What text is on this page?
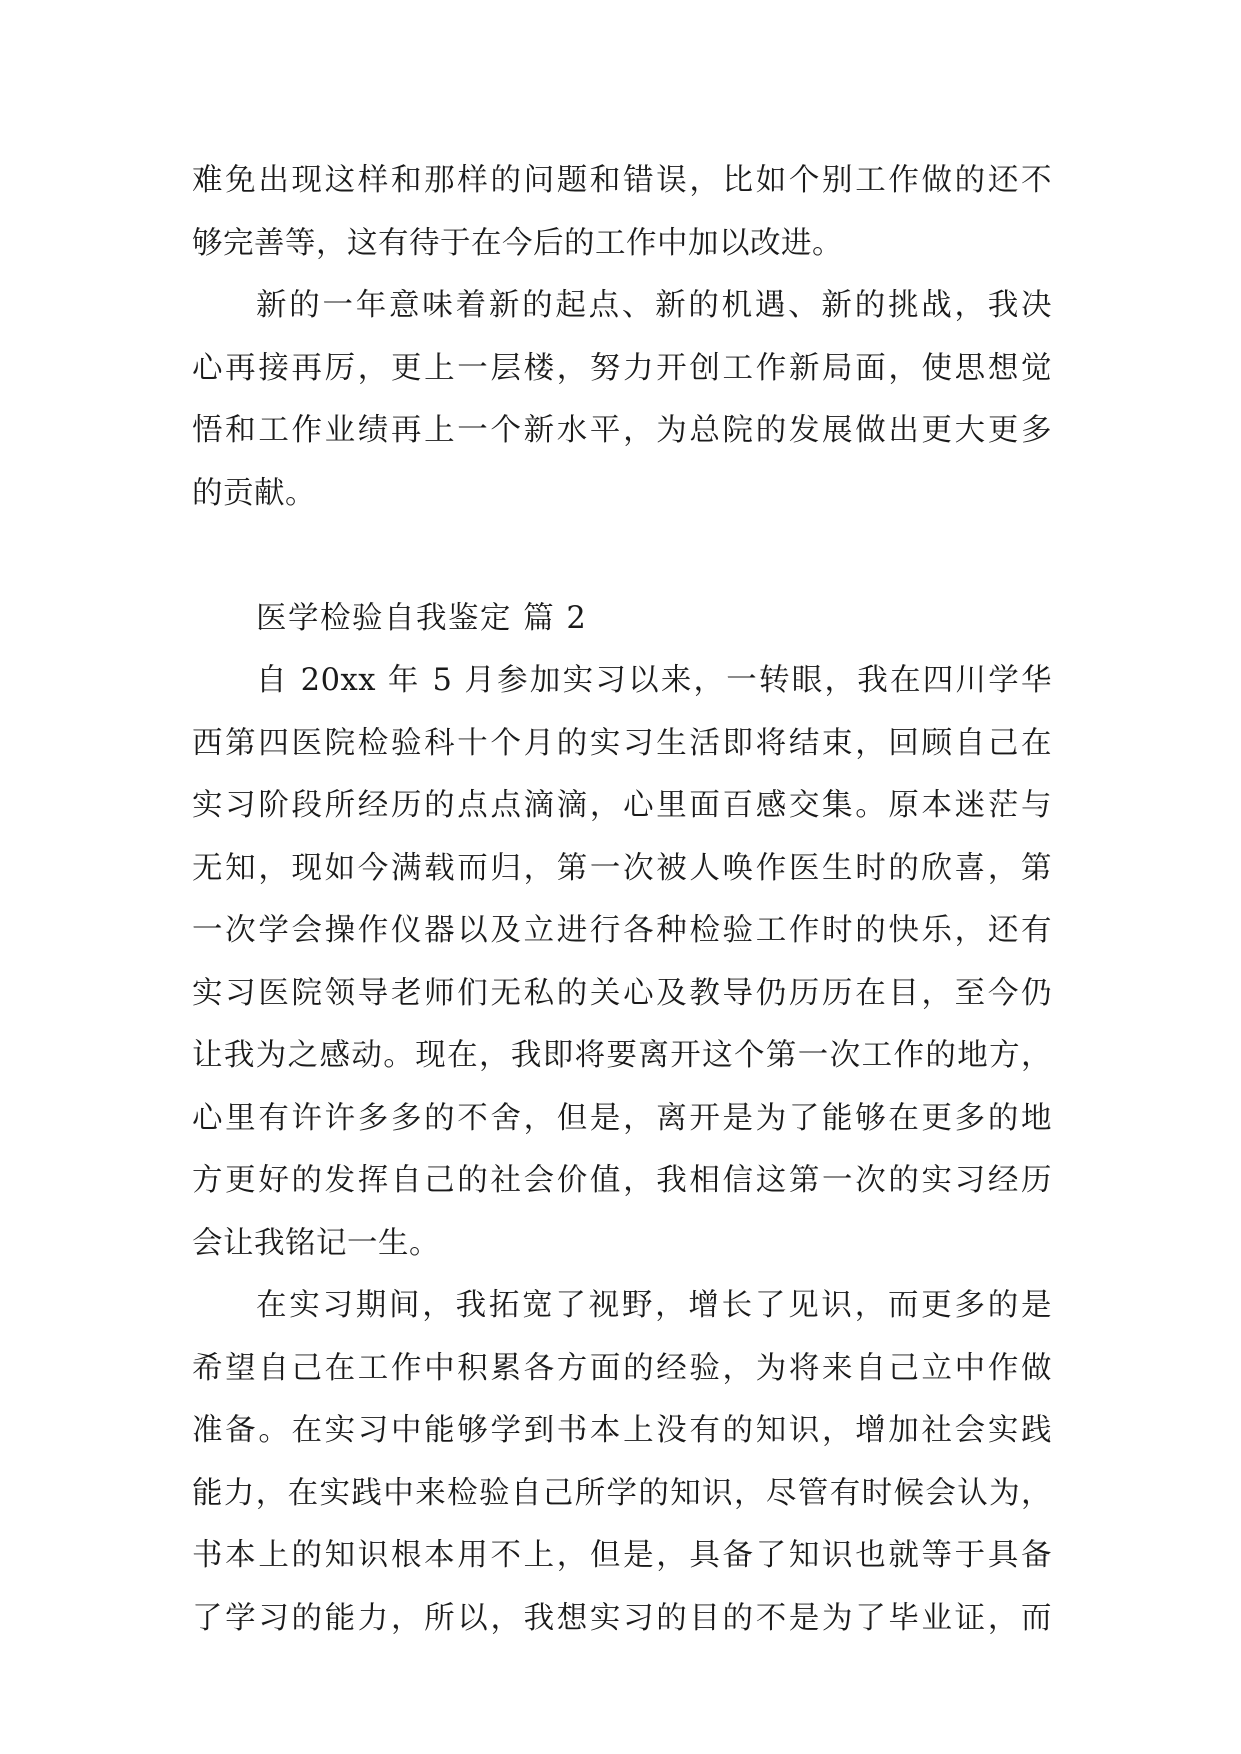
难免出现这样和那样的问题和错误，比如个别工作做的还不
够完善等，这有待于在今后的工作中加以改进。
新的一年意味着新的起点、新的机遇、新的挑战，我决
心再接再厉，更上一层楼，努力开创工作新局面，使思想觉
悟和工作业绩再上一个新水平，为总院的发展做出更大更多
的贡献。
医学检验自我鉴定 篇 2
自 20xx 年 5 月参加实习以来，一转眼，我在四川学华
西第四医院检验科十个月的实习生活即将结束，回顾自己在
实习阶段所经历的点点滴滴，心里面百感交集。原本迷茫与
无知，现如今满载而归，第一次被人唤作医生时的欣喜，第
一次学会操作仪器以及立进行各种检验工作时的快乐，还有
实习医院领导老师们无私的关心及教导仍历历在目，至今仍
让我为之感动。现在，我即将要离开这个第一次工作的地方，
心里有许许多多的不舍，但是，离开是为了能够在更多的地
方更好的发挥自己的社会价值，我相信这第一次的实习经历
会让我铭记一生。
在实习期间，我拓宽了视野，增长了见识，而更多的是
希望自己在工作中积累各方面的经验，为将来自己立中作做
准备。在实习中能够学到书本上没有的知识，增加社会实践
能力，在实践中来检验自己所学的知识，尽管有时候会认为，
书本上的知识根本用不上，但是，具备了知识也就等于具备
了学习的能力，所以，我想实习的目的不是为了毕业证，而
